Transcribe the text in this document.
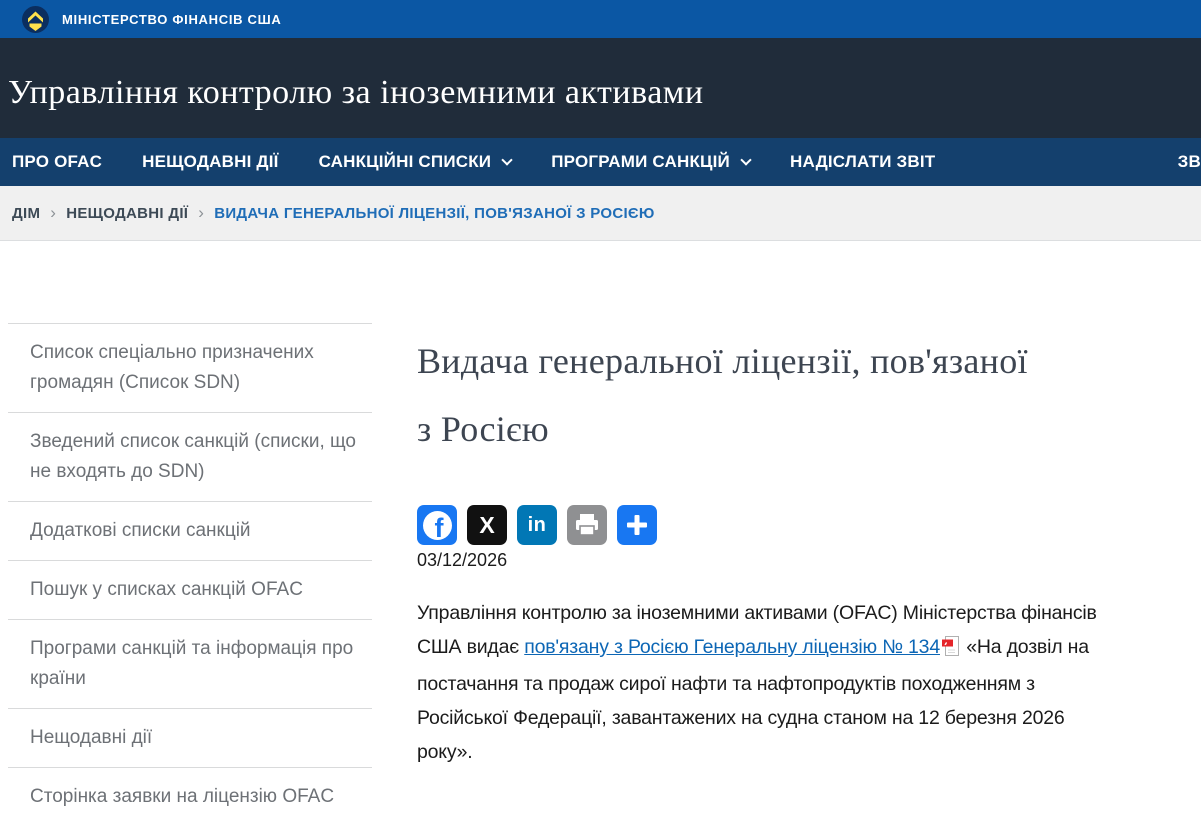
МІНІСТЕРСТВО ФІНАНСІВ США
Управління контролю за іноземними активами
ПРО OFAC НЕЩОДАВНІ ДІЇ САНКЦІЙНІ СПИСКИ	ПРОГРАМИ САНКЦІЙ	НАДІСЛАТИ ЗВІТ	ЗВ
ДІМ › НЕЩОДАВНІ ДІЇ › ВИДАЧА ГЕНЕРАЛЬНОЇ ЛІЦЕНЗІЇ, ПОВ'ЯЗАНОЇ З РОСІЄЮ
Список спеціально призначених громадян (Список SDN)
Зведений список санкцій (списки, що не входять до SDN)
Додаткові списки санкцій
Пошук у списках санкцій OFAC
Програми санкцій та інформація про країни
Нещодавні дії
Сторінка заявки на ліцензію OFAC
Видача генеральної ліцензії, пов'язаної з Росією
f X in
03/12/2026

Управління контролю за іноземними активами (OFAC) Міністерства фінансів США видає пов'язану з Росією Генеральну ліцензію № 134 «На дозвіл на постачання та продаж сирої нафти та нафтопродуктів походженням з Російської Федерації, завантажених на судна станом на 12 березня 2026 року».
